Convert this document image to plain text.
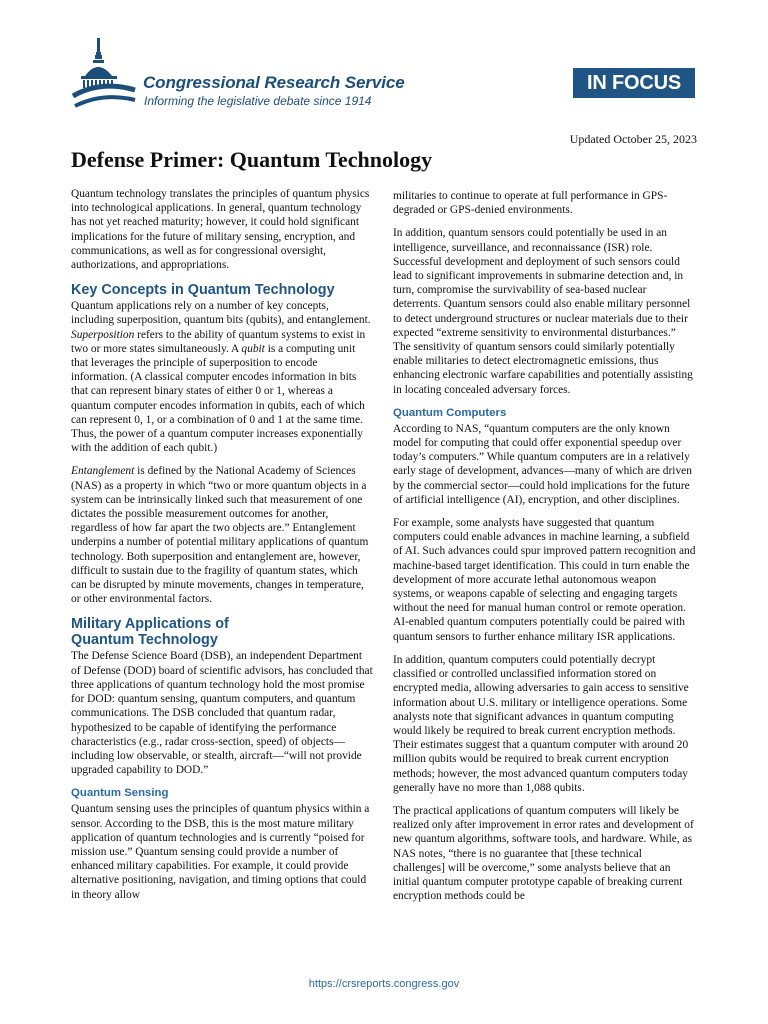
Congressional Research Service
Informing the legislative debate since 1914
IN FOCUS
Updated October 25, 2023
Defense Primer: Quantum Technology

Quantum technology translates the principles of quantum physics into technological applications. In general, quantum technology has not yet reached maturity; however, it could hold significant implications for the future of military sensing, encryption, and communications, as well as for congressional oversight, authorizations, and appropriations.

Key Concepts in Quantum Technology

Quantum applications rely on a number of key concepts, including superposition, quantum bits (qubits), and entanglement. Superposition refers to the ability of quantum systems to exist in two or more states simultaneously. A qubit is a computing unit that leverages the principle of superposition to encode information. (A classical computer encodes information in bits that can represent binary states of either 0 or 1, whereas a quantum computer encodes information in qubits, each of which can represent 0, 1, or a combination of 0 and 1 at the same time. Thus, the power of a quantum computer increases exponentially with the addition of each qubit.)

Entanglement is defined by the National Academy of Sciences (NAS) as a property in which “two or more quantum objects in a system can be intrinsically linked such that measurement of one dictates the possible measurement outcomes for another, regardless of how far apart the two objects are.” Entanglement underpins a number of potential military applications of quantum technology. Both superposition and entanglement are, however, difficult to sustain due to the fragility of quantum states, which can be disrupted by minute movements, changes in temperature, or other environmental factors.

Military Applications of Quantum Technology

The Defense Science Board (DSB), an independent Department of Defense (DOD) board of scientific advisors, has concluded that three applications of quantum technology hold the most promise for DOD: quantum sensing, quantum computers, and quantum communications. The DSB concluded that quantum radar, hypothesized to be capable of identifying the performance characteristics (e.g., radar cross-section, speed) of objects—including low observable, or stealth, aircraft—“will not provide upgraded capability to DOD.”

Quantum Sensing

Quantum sensing uses the principles of quantum physics within a sensor. According to the DSB, this is the most mature military application of quantum technologies and is currently “poised for mission use.” Quantum sensing could provide a number of enhanced military capabilities. For example, it could provide alternative positioning, navigation, and timing options that could in theory allow

militaries to continue to operate at full performance in GPS-degraded or GPS-denied environments.

In addition, quantum sensors could potentially be used in an intelligence, surveillance, and reconnaissance (ISR) role. Successful development and deployment of such sensors could lead to significant improvements in submarine detection and, in turn, compromise the survivability of sea-based nuclear deterrents. Quantum sensors could also enable military personnel to detect underground structures or nuclear materials due to their expected “extreme sensitivity to environmental disturbances.” The sensitivity of quantum sensors could similarly potentially enable militaries to detect electromagnetic emissions, thus enhancing electronic warfare capabilities and potentially assisting in locating concealed adversary forces.

Quantum Computers

According to NAS, “quantum computers are the only known model for computing that could offer exponential speedup over today’s computers.” While quantum computers are in a relatively early stage of development, advances—many of which are driven by the commercial sector—could hold implications for the future of artificial intelligence (AI), encryption, and other disciplines.

For example, some analysts have suggested that quantum computers could enable advances in machine learning, a subfield of AI. Such advances could spur improved pattern recognition and machine-based target identification. This could in turn enable the development of more accurate lethal autonomous weapon systems, or weapons capable of selecting and engaging targets without the need for manual human control or remote operation. AI-enabled quantum computers potentially could be paired with quantum sensors to further enhance military ISR applications.

In addition, quantum computers could potentially decrypt classified or controlled unclassified information stored on encrypted media, allowing adversaries to gain access to sensitive information about U.S. military or intelligence operations. Some analysts note that significant advances in quantum computing would likely be required to break current encryption methods. Their estimates suggest that a quantum computer with around 20 million qubits would be required to break current encryption methods; however, the most advanced quantum computers today generally have no more than 1,088 qubits.

The practical applications of quantum computers will likely be realized only after improvement in error rates and development of new quantum algorithms, software tools, and hardware. While, as NAS notes, “there is no guarantee that [these technical challenges] will be overcome,” some analysts believe that an initial quantum computer prototype capable of breaking current encryption methods could be

https://crsreports.congress.gov
